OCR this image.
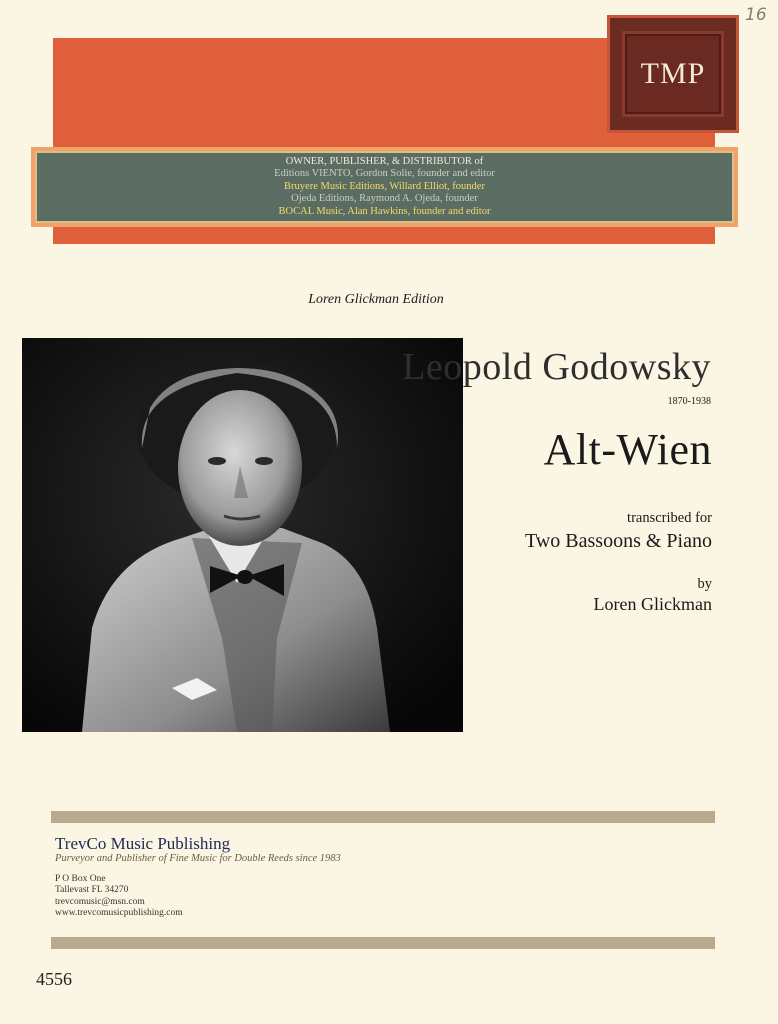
TMP
16
OWNER, PUBLISHER, & DISTRIBUTOR of
Editions VIENTO, Gordon Solie, founder and editor
Bruyere Music Editions, Willard Elliot, founder
Ojeda Editions, Raymond A. Ojeda, founder
BOCAL Music, Alan Hawkins, founder and editor
Loren Glickman Edition
Leopold Godowsky
1870-1938
Alt-Wien
transcribed for
Two Bassoons & Piano
by
Loren Glickman
TrevCo Music Publishing
Purveyor and Publisher of Fine Music for Double Reeds since 1983
P O Box One
Tallevast FL 34270
trevcomusic@msn.com
www.trevcomusicpublishing.com
4556
